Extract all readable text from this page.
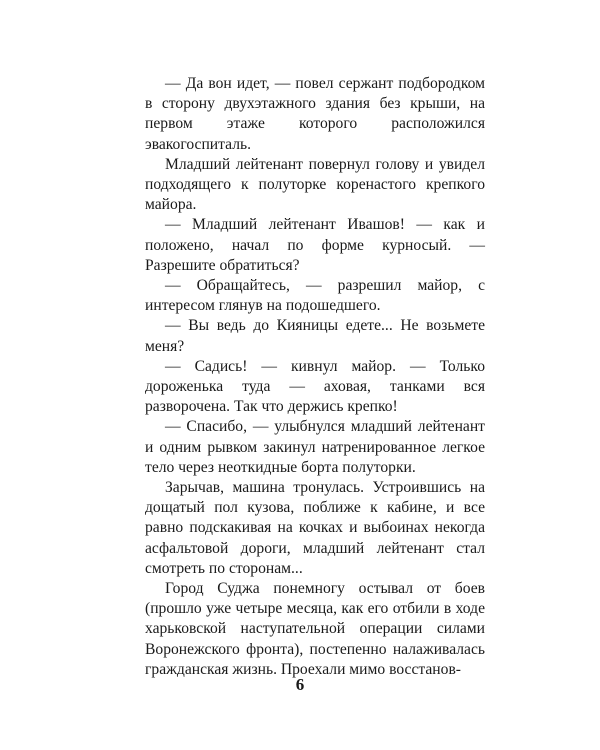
— Да вон идет, — повел сержант подбородком в сторону двухэтажного здания без крыши, на первом этаже которого расположился эвакогоспиталь.

Младший лейтенант повернул голову и увидел подходящего к полуторке коренастого крепкого майора.

— Младший лейтенант Ивашов! — как и положено, начал по форме курносый. — Разрешите обратиться?

— Обращайтесь, — разрешил майор, с интересом глянув на подошедшего.

— Вы ведь до Кияницы едете... Не возьмете меня?

— Садись! — кивнул майор. — Только дороженька туда — аховая, танками вся разворочена. Так что держись крепко!

— Спасибо, — улыбнулся младший лейтенант и одним рывком закинул натренированное легкое тело через неоткидные борта полуторки.

Зарычав, машина тронулась. Устроившись на дощатый пол кузова, поближе к кабине, и все равно подскакивая на кочках и выбоинах некогда асфальтовой дороги, младший лейтенант стал смотреть по сторонам...

Город Суджа понемногу остывал от боев (прошло уже четыре месяца, как его отбили в ходе харьковской наступательной операции силами Воронежского фронта), постепенно налаживалась гражданская жизнь. Проехали мимо восстанов-

6
